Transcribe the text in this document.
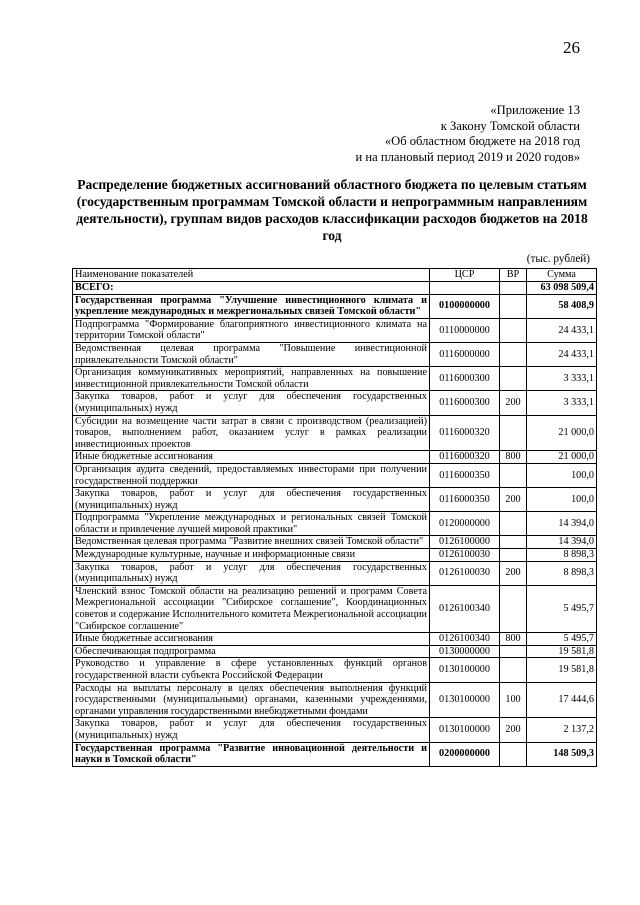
26
«Приложение 13
к Закону Томской области
«Об областном бюджете на 2018 год
и на плановый период 2019 и 2020 годов»
Распределение бюджетных ассигнований областного бюджета по целевым статьям (государственным программам Томской области и непрограммным направлениям деятельности), группам видов расходов классификации расходов бюджетов на 2018 год
(тыс. рублей)
Наименование показателей	ЦСР	ВР	Сумма
ВСЕГО:			63 098 509,4
Государственная программа "Улучшение инвестиционного климата и укрепление международных и межрегиональных связей Томской области"	0100000000		58 408,9
Подпрограмма "Формирование благоприятного инвестиционного климата на территории Томской области"	0110000000		24 433,1
Ведомственная целевая программа "Повышение инвестиционной привлекательности Томской области"	0116000000		24 433,1
Организация коммуникативных мероприятий, направленных на повышение инвестиционной привлекательности Томской области	0116000300		3 333,1
Закупка товаров, работ и услуг для обеспечения государственных (муниципальных) нужд	0116000300	200	3 333,1
Субсидии на возмещение части затрат в связи с производством (реализацией) товаров, выполнением работ, оказанием услуг в рамках реализации инвестиционных проектов	0116000320		21 000,0
Иные бюджетные ассигнования	0116000320	800	21 000,0
Организация аудита сведений, предоставляемых инвесторами при получении государственной поддержки	0116000350		100,0
Закупка товаров, работ и услуг для обеспечения государственных (муниципальных) нужд	0116000350	200	100,0
Подпрограмма "Укрепление международных и региональных связей Томской области и привлечение лучшей мировой практики"	0120000000		14 394,0
Ведомственная целевая программа "Развитие внешних связей Томской области"	0126100000		14 394,0
Международные культурные, научные и информационные связи	0126100030		8 898,3
Закупка товаров, работ и услуг для обеспечения государственных (муниципальных) нужд	0126100030	200	8 898,3
Членский взнос Томской области на реализацию решений и программ Совета Межрегиональной ассоциации "Сибирское соглашение", Координационных советов и содержание Исполнительного комитета Межрегиональной ассоциации "Сибирское соглашение"	0126100340		5 495,7
Иные бюджетные ассигнования	0126100340	800	5 495,7
Обеспечивающая подпрограмма	0130000000		19 581,8
Руководство и управление в сфере установленных функций органов государственной власти субъекта Российской Федерации	0130100000		19 581,8
Расходы на выплаты персоналу в целях обеспечения выполнения функций государственными (муниципальными) органами, казенными учреждениями, органами управления государственными внебюджетными фондами	0130100000	100	17 444,6
Закупка товаров, работ и услуг для обеспечения государственных (муниципальных) нужд	0130100000	200	2 137,2
Государственная программа "Развитие инновационной деятельности и науки в Томской области"	0200000000		148 509,3
